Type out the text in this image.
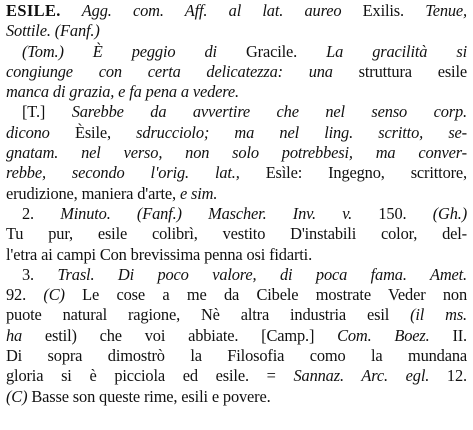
ESILE. Agg. com. Aff. al lat. aureo Exilis. Tenue,
Sottile. (Fanf.)
(Tom.) È peggio di Gracile. La gracilità si
congiunge con certa delicatezza: una struttura esile
manca di grazia, e fa pena a vedere.
[T.] Sarebbe da avvertire che nel senso corp.
dicono Èsile, sdrucciolo; ma nel ling. scritto, se-
gnatam. nel verso, non solo potrebbesi, ma conver-
rebbe, secondo l'orig. lat., Esìle: Ingegno, scrittore,
erudizione, maniera d'arte, e sim.
2. Minuto. (Fanf.) Mascher. Inv. v. 150. (Gh.)
Tu pur, esile colibrì, vestito D'instabili color, del-
l'etra ai campi Con brevissima penna osi fidarti.
3. Trasl. Di poco valore, di poca fama. Amet.
92. (C) Le cose a me da Cibele mostrate Veder non
puote natural ragione, Nè altra industria esil (il ms.
ha estil) che voi abbiate. [Camp.] Com. Boez. II.
Di sopra dimostrò la Filosofia como la mundana
gloria si è picciola ed esile. = Sannaz. Arc. egl. 12.
(C) Basse son queste rime, esili e povere.
